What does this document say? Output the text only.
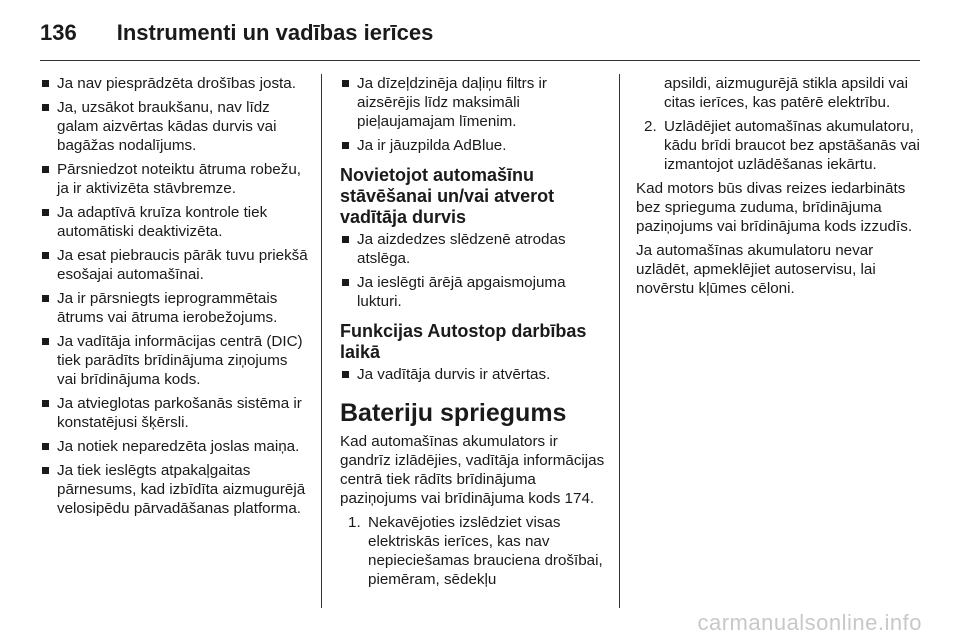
136 Instrumenti un vadības ierīces
Ja nav piesprādzēta drošības josta.
Ja, uzsākot braukšanu, nav līdz galam aizvērtas kādas durvis vai bagāžas nodalījums.
Pārsniedzot noteiktu ātruma robežu, ja ir aktivizēta stāvbremze.
Ja adaptīvā kruīza kontrole tiek automātiski deaktivizēta.
Ja esat piebraucis pārāk tuvu priekšā esošajai automašīnai.
Ja ir pārsniegts ieprogrammētais ātrums vai ātruma ierobežojums.
Ja vadītāja informācijas centrā (DIC) tiek parādīts brīdinājuma ziņojums vai brīdinājuma kods.
Ja atvieglotas parkošanās sistēma ir konstatējusi šķērsli.
Ja notiek neparedzēta joslas maiņa.
Ja tiek ieslēgts atpakaļgaitas pārnesums, kad izbīdīta aizmugurējā velosipēdu pārvadāšanas platforma.
Ja dīzeļdzinēja daļiņu filtrs ir aizsērējis līdz maksimāli pieļaujamajam līmenim.
Ja ir jāuzpilda AdBlue.
Novietojot automašīnu stāvēšanai un/vai atverot vadītāja durvis
Ja aizdedzes slēdzenē atrodas atslēga.
Ja ieslēgti ārējā apgaismojuma lukturi.
Funkcijas Autostop darbības laikā
Ja vadītāja durvis ir atvērtas.
Bateriju spriegums

Kad automašīnas akumulators ir gandrīz izlādējies, vadītāja informācijas centrā tiek rādīts brīdinājuma paziņojums vai brīdinājuma kods 174.

1. Nekavējoties izslēdziet visas elektriskās ierīces, kas nav nepieciešamas brauciena drošībai, piemēram, sēdekļu
apsildi, aizmugurējā stikla apsildi vai citas ierīces, kas patērē elektrību.
2. Uzlādējiet automašīnas akumulatoru, kādu brīdi braucot bez apstāšanās vai izmantojot uzlādēšanas iekārtu.

Kad motors būs divas reizes iedarbināts bez sprieguma zuduma, brīdinājuma paziņojums vai brīdinājuma kods izzudīs.

Ja automašīnas akumulatoru nevar uzlādēt, apmeklējiet autoservisu, lai novērstu kļūmes cēloni.

carmanualsonline.info
